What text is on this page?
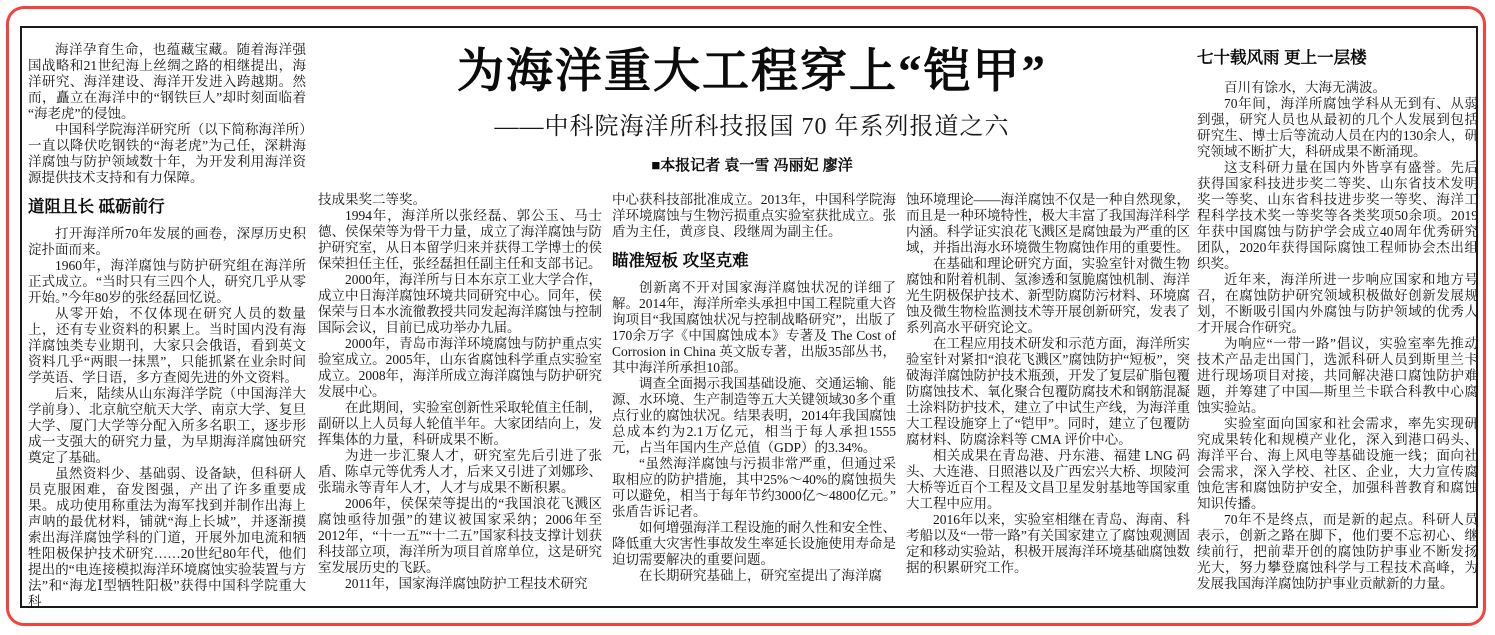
为海洋重大工程穿上“铠甲”
——中科院海洋所科技报国 70 年系列报道之六
■本报记者 袁一雪 冯丽妃 廖洋

海洋孕育生命，也蕴藏宝藏。随着海洋强国战略和21世纪海上丝绸之路的相继提出，海洋研究、海洋建设、海洋开发进入跨越期。然而，矗立在海洋中的“钢铁巨人”却时刻面临着“海老虎”的侵蚀。

中国科学院海洋研究所（以下简称海洋所）一直以降伏吃钢铁的“海老虎”为己任，深耕海洋腐蚀与防护领域数十年，为开发利用海洋资源提供技术支持和有力保障。

道阻且长 砥砺前行

打开海洋所70年发展的画卷，深厚历史积淀扑面而来。

1960年，海洋腐蚀与防护研究组在海洋所正式成立。“当时只有三四个人，研究几乎从零开始。”今年80岁的张经磊回忆说。

从零开始，不仅体现在研究人员的数量上，还有专业资料的积累上。当时国内没有海洋腐蚀类专业期刊，大家只会俄语，看到英文资料几乎“两眼一抹黑”，只能抓紧在业余时间学英语、学日语，多方查阅先进的外文资料。

后来，陆续从山东海洋学院（中国海洋大学前身）、北京航空航天大学、南京大学、复旦大学、厦门大学等分配入所多名职工，逐步形成一支强大的研究力量，为早期海洋腐蚀研究奠定了基础。

虽然资料少、基础弱、设备缺，但科研人员克服困难，奋发图强，产出了许多重要成果。成功使用称重法为海军找到并制作出海上声呐的最优材料，铺就“海上长城”，并逐渐摸索出海洋腐蚀学科的门道，开展外加电流和牺牲阳极保护技术研究……20世纪80年代，他们提出的“电连接模拟海洋环境腐蚀实验装置与方法”和“海龙Ⅰ型牺牲阳极”获得中国科学院重大科

技成果奖二等奖。

1994年，海洋所以张经磊、郭公玉、马士德、侯保荣等为骨干力量，成立了海洋腐蚀与防护研究室，从日本留学归来并获得工学博士的侯保荣担任主任，张经磊担任副主任和支部书记。

2000年，海洋所与日本东京工业大学合作，成立中日海洋腐蚀环境共同研究中心。同年，侯保荣与日本水流徹教授共同发起海洋腐蚀与控制国际会议，目前已成功举办九届。

2000年，青岛市海洋环境腐蚀与防护重点实验室成立。2005年，山东省腐蚀科学重点实验室成立。2008年，海洋所成立海洋腐蚀与防护研究发展中心。

在此期间，实验室创新性采取轮值主任制，副研以上人员每人轮值半年。大家团结向上，发挥集体的力量，科研成果不断。

为进一步汇聚人才，研究室先后引进了张盾、陈卓元等优秀人才，后来又引进了刘娜珍、张瑞永等青年人才，人才与成果不断积累。

2006年，侯保荣等提出的“我国浪花飞溅区腐蚀亟待加强”的建议被国家采纳；2006年至2012年，“十一五”“十二五”国家科技支撑计划获科技部立项，海洋所为项目首席单位，这是研究室发展历史的飞跃。

2011年，国家海洋腐蚀防护工程技术研究

中心获科技部批准成立。2013年，中国科学院海洋环境腐蚀与生物污损重点实验室获批成立。张盾为主任，黄彦良、段继周为副主任。

瞄准短板 攻坚克难

创新离不开对国家海洋腐蚀状况的详细了解。2014年，海洋所牵头承担中国工程院重大咨询项目“我国腐蚀状况与控制战略研究”，出版了170余万字《中国腐蚀成本》专著及 The Cost of Corrosion in China 英文版专著，出版35部丛书，其中海洋所承担10部。

调查全面揭示我国基础设施、交通运输、能源、水环境、生产制造等五大关键领域30多个重点行业的腐蚀状况。结果表明，2014年我国腐蚀总成本约为2.1万亿元，相当于每人承担1555元，占当年国内生产总值（GDP）的3.34%。

“虽然海洋腐蚀与污损非常严重，但通过采取相应的防护措施，其中25%～40%的腐蚀损失可以避免，相当于每年节约3000亿～4800亿元。”张盾告诉记者。

如何增强海洋工程设施的耐久性和安全性、降低重大灾害性事故发生率延长设施使用寿命是迫切需要解决的重要问题。

在长期研究基础上，研究室提出了海洋腐

蚀环境理论——海洋腐蚀不仅是一种自然现象，而且是一种环境特性，极大丰富了我国海洋科学内涵。科学证实浪花飞溅区是腐蚀最为严重的区域，并指出海水环境微生物腐蚀作用的重要性。

在基础和理论研究方面，实验室针对微生物腐蚀和附着机制、氢渗透和氢脆腐蚀机制、海洋光生阴极保护技术、新型防腐防污材料、环境腐蚀及微生物检监测技术等开展创新研究，发表了系列高水平研究论文。

在工程应用技术研发和示范方面，海洋所实验室针对紧扣“浪花飞溅区”腐蚀防护“短板”，突破海洋腐蚀防护技术瓶颈，开发了复层矿脂包覆防腐蚀技术、氧化聚合包覆防腐技术和钢筋混凝土涂料防护技术，建立了中试生产线，为海洋重大工程设施穿上了“铠甲”。同时，建立了包覆防腐材料、防腐涂料等 CMA 评价中心。

相关成果在青岛港、丹东港、福建 LNG 码头、大连港、日照港以及广西宏兴大桥、坝陵河大桥等近百个工程及文昌卫星发射基地等国家重大工程中应用。

2016年以来，实验室相继在青岛、海南、科考船以及“一带一路”有关国家建立了腐蚀观测固定和移动实验站，积极开展海洋环境基础腐蚀数据的积累研究工作。

七十载风雨 更上一层楼

百川有馀水，大海无满波。

70年间，海洋所腐蚀学科从无到有、从弱到强，研究人员也从最初的几个人发展到包括研究生、博士后等流动人员在内的130余人，研究领域不断扩大，科研成果不断涌现。

这支科研力量在国内外皆享有盛誉。先后获得国家科技进步奖二等奖、山东省技术发明奖一等奖、山东省科技进步奖一等奖、海洋工程科学技术奖一等奖等各类奖项50余项。2019年获中国腐蚀与防护学会成立40周年优秀研究团队，2020年获得国际腐蚀工程师协会杰出组织奖。

近年来，海洋所进一步响应国家和地方号召，在腐蚀防护研究领域积极做好创新发展规划，不断吸引国内外腐蚀与防护领域的优秀人才开展合作研究。

为响应“一带一路”倡议，实验室率先推动技术产品走出国门，选派科研人员到斯里兰卡进行现场项目对接，共同解决港口腐蚀防护难题，并筹建了中国—斯里兰卡联合科教中心腐蚀实验站。

实验室面向国家和社会需求，率先实现研究成果转化和规模产业化，深入到港口码头、海洋平台、海上风电等基础设施一线；面向社会需求，深入学校、社区、企业，大力宣传腐蚀危害和腐蚀防护安全，加强科普教育和腐蚀知识传播。

70年不是终点，而是新的起点。科研人员表示，创新之路在脚下，他们要不忘初心、继续前行，把前辈开创的腐蚀防护事业不断发扬光大，努力攀登腐蚀科学与工程技术高峰，为发展我国海洋腐蚀防护事业贡献新的力量。
